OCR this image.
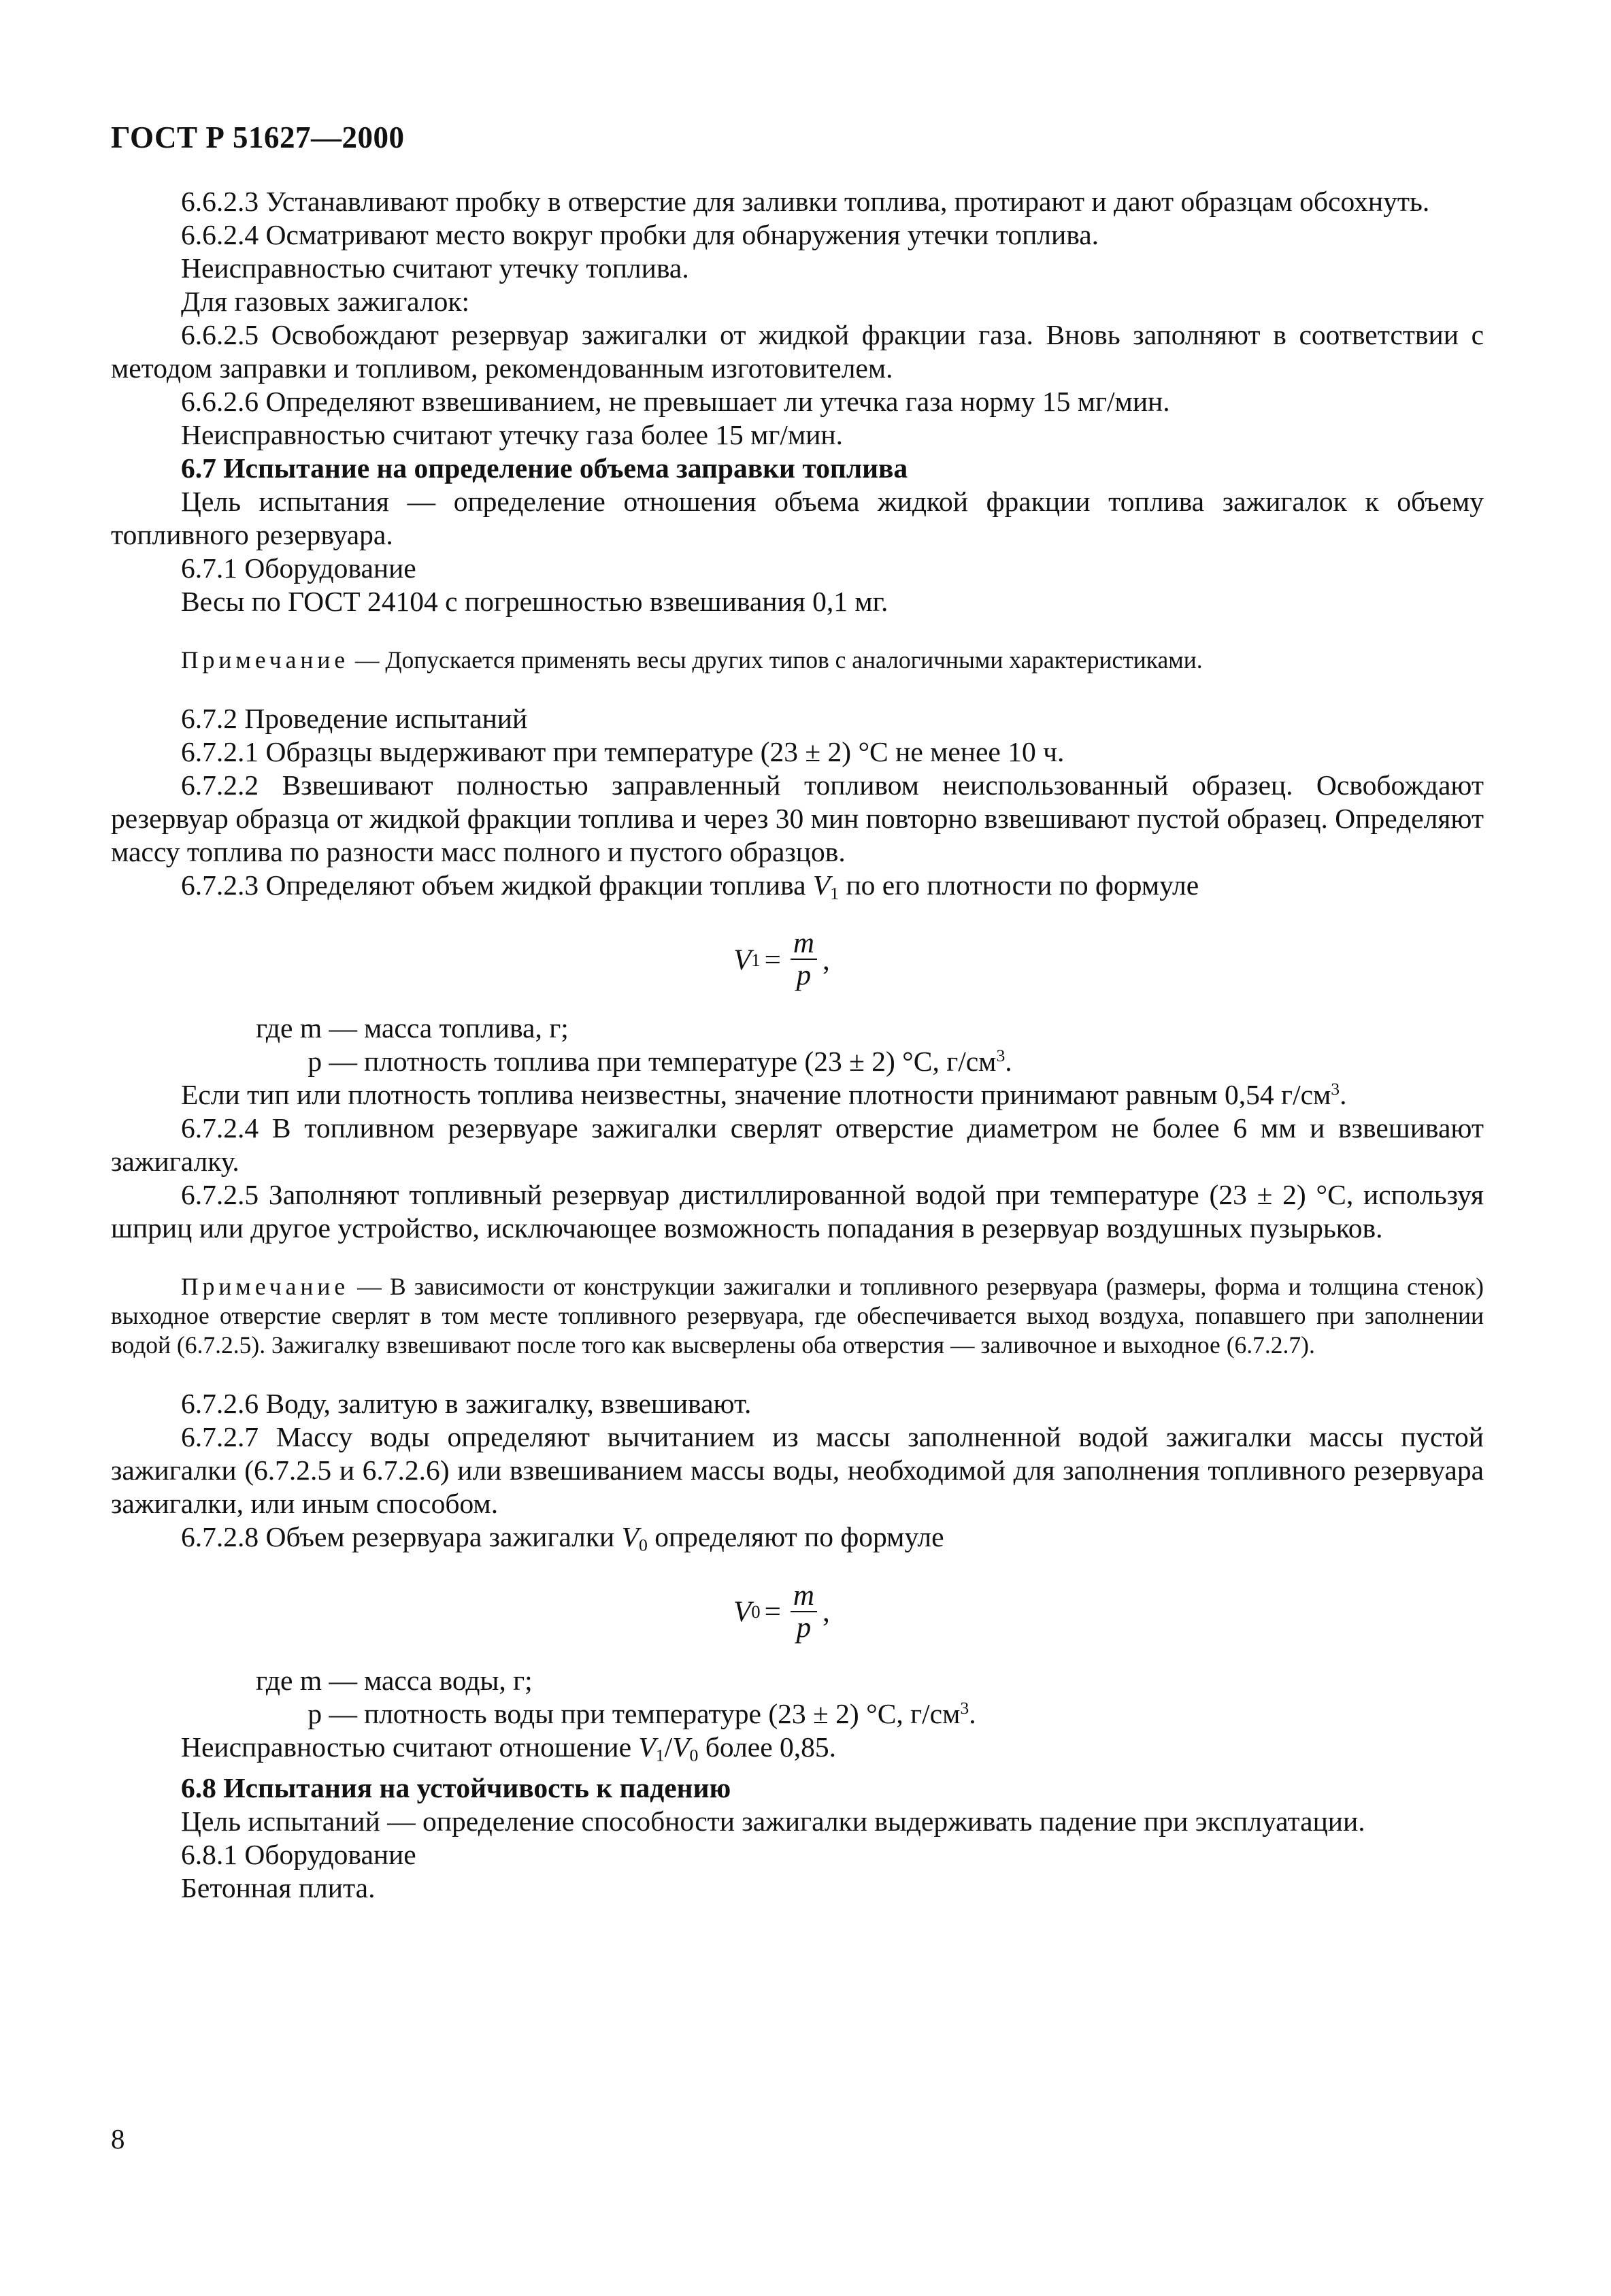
ГОСТ Р 51627—2000

6.6.2.3 Устанавливают пробку в отверстие для заливки топлива, протирают и дают образцам обсохнуть.

6.6.2.4 Осматривают место вокруг пробки для обнаружения утечки топлива.

Неисправностью считают утечку топлива.

Для газовых зажигалок:

6.6.2.5 Освобождают резервуар зажигалки от жидкой фракции газа. Вновь заполняют в соответствии с методом заправки и топливом, рекомендованным изготовителем.

6.6.2.6 Определяют взвешиванием, не превышает ли утечка газа норму 15 мг/мин.

Неисправностью считают утечку газа более 15 мг/мин.

6.7 Испытание на определение объема заправки топлива

Цель испытания — определение отношения объема жидкой фракции топлива зажигалок к объему топливного резервуара.

6.7.1 Оборудование

Весы по ГОСТ 24104 с погрешностью взвешивания 0,1 мг.

Примечание — Допускается применять весы других типов с аналогичными характеристиками.

6.7.2 Проведение испытаний

6.7.2.1 Образцы выдерживают при температуре (23 ± 2) °С не менее 10 ч.

6.7.2.2 Взвешивают полностью заправленный топливом неиспользованный образец. Освобождают резервуар образца от жидкой фракции топлива и через 30 мин повторно взвешивают пустой образец. Определяют массу топлива по разности масс полного и пустого образцов.

6.7.2.3 Определяют объем жидкой фракции топлива $V_1$ по его плотности по формуле

V $1 = \frac{m}{p}$ ,

где m — масса топлива, г;

p — плотность топлива при температуре (23 ± 2) °С, $г/см^3$.

Если тип или плотность топлива неизвестны, значение плотности принимают равным 0,54 $г/см^3$.

6.7.2.4 В топливном резервуаре зажигалки сверлят отверстие диаметром не более 6 мм и взвешивают зажигалку.

6.7.2.5 Заполняют топливный резервуар дистиллированной водой при температуре (23 ± 2) °С, используя шприц или другое устройство, исключающее возможность попадания в резервуар воздушных пузырьков.

Примечание — В зависимости от конструкции зажигалки и топливного резервуара (размеры, форма и толщина стенок) выходное отверстие сверлят в том месте топливного резервуара, где обеспечивается выход воздуха, попавшего при заполнении водой (6.7.2.5). Зажигалку взвешивают после того как высверлены оба отверстия — заливочное и выходное (6.7.2.7).

6.7.2.6 Воду, залитую в зажигалку, взвешивают.

6.7.2.7 Массу воды определяют вычитанием из массы заполненной водой зажигалки массы пустой зажигалки (6.7.2.5 и 6.7.2.6) или взвешиванием массы воды, необходимой для заполнения топливного резервуара зажигалки, или иным способом.

6.7.2.8 Объем резервуара зажигалки $V_0$ определяют по формуле

V $0 = \frac{m}{p}$ ,

где m — масса воды, г;

p — плотность воды при температуре (23 ± 2) °С, $г/см^3$.

Неисправностью считают отношение $V_1/V_0$ более 0,85.

6.8 Испытания на устойчивость к падению

Цель испытаний — определение способности зажигалки выдерживать падение при эксплуатации.

6.8.1 Оборудование

Бетонная плита.

8
